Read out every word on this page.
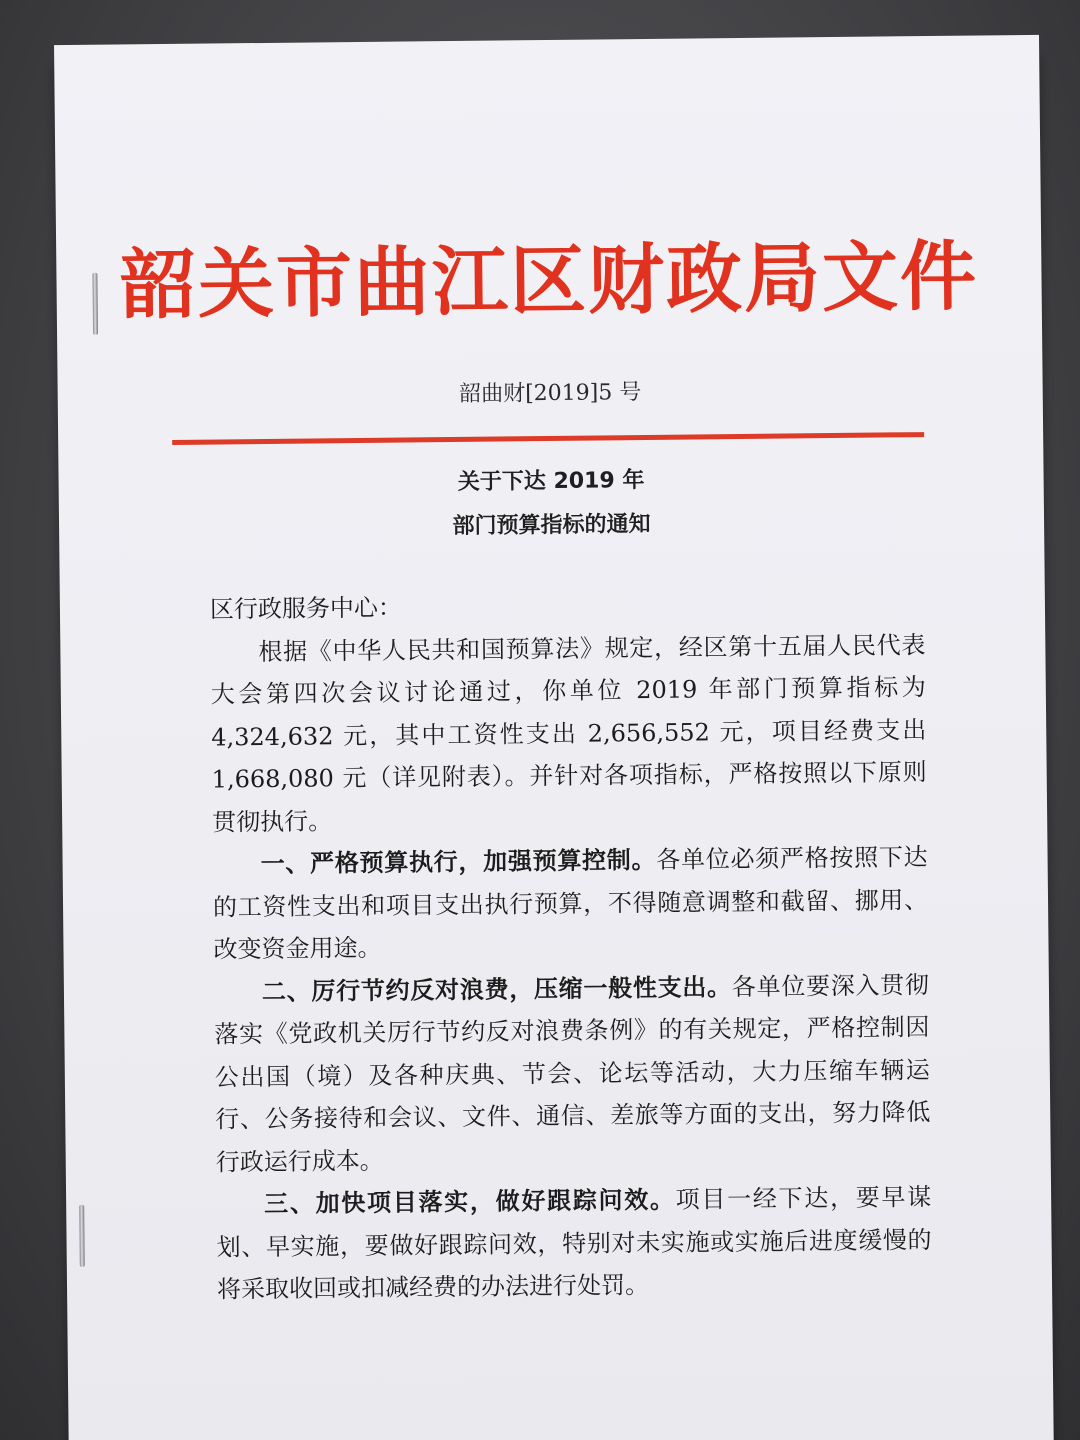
韶关市曲江区财政局文件
韶曲财[2019]5 号
关于下达 2019 年
部门预算指标的通知

区行政服务中心：

根据《中华人民共和国预算法》规定，经区第十五届人民代表大会第四次会议讨论通过，你单位 2019 年部门预算指标为 4,324,632 元，其中工资性支出 2,656,552 元，项目经费支出 1,668,080 元（详见附表）。并针对各项指标，严格按照以下原则贯彻执行。

一、严格预算执行，加强预算控制。各单位必须严格按照下达的工资性支出和项目支出执行预算，不得随意调整和截留、挪用、改变资金用途。

二、厉行节约反对浪费，压缩一般性支出。各单位要深入贯彻落实《党政机关厉行节约反对浪费条例》的有关规定，严格控制因公出国（境）及各种庆典、节会、论坛等活动，大力压缩车辆运行、公务接待和会议、文件、通信、差旅等方面的支出，努力降低行政运行成本。

三、加快项目落实，做好跟踪问效。项目一经下达，要早谋划、早实施，要做好跟踪问效，特别对未实施或实施后进度缓慢的将采取收回或扣减经费的办法进行处罚。
